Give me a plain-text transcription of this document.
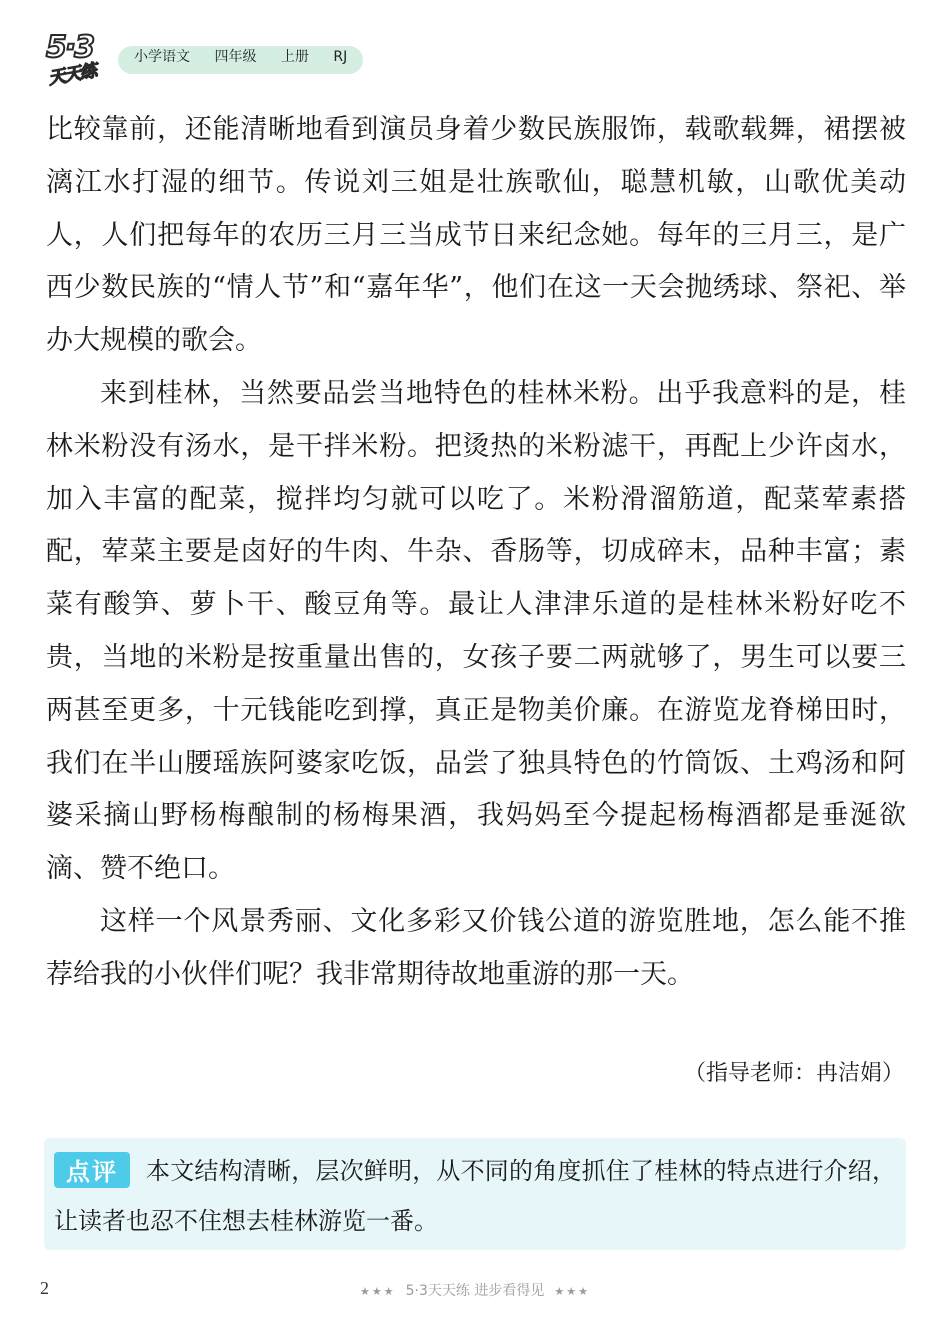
5·3
天天练
小学语文 四年级 上册 RJ

比较靠前，还能清晰地看到演员身着少数民族服饰，载歌载舞，裙摆被漓江水打湿的细节。传说刘三姐是壮族歌仙，聪慧机敏，山歌优美动人，人们把每年的农历三月三当成节日来纪念她。每年的三月三，是广西少数民族的“情人节”和“嘉年华”，他们在这一天会抛绣球、祭祀、举办大规模的歌会。

来到桂林，当然要品尝当地特色的桂林米粉。出乎我意料的是，桂林米粉没有汤水，是干拌米粉。把烫热的米粉滤干，再配上少许卤水，加入丰富的配菜，搅拌均匀就可以吃了。米粉滑溜筋道，配菜荤素搭配，荤菜主要是卤好的牛肉、牛杂、香肠等，切成碎末，品种丰富；素菜有酸笋、萝卜干、酸豆角等。最让人津津乐道的是桂林米粉好吃不贵，当地的米粉是按重量出售的，女孩子要二两就够了，男生可以要三两甚至更多，十元钱能吃到撑，真正是物美价廉。在游览龙脊梯田时，我们在半山腰瑶族阿婆家吃饭，品尝了独具特色的竹筒饭、土鸡汤和阿婆采摘山野杨梅酿制的杨梅果酒，我妈妈至今提起杨梅酒都是垂涎欲滴、赞不绝口。

这样一个风景秀丽、文化多彩又价钱公道的游览胜地，怎么能不推荐给我的小伙伴们呢？我非常期待故地重游的那一天。

（指导老师：冉洁娟）

本文结构清晰，层次鲜明，从不同的角度抓住了桂林的特点进行介绍，让读者也忍不住想去桂林游览一番。

点评
2	★★★ 5·3天天练 进步看得见 ★★★
